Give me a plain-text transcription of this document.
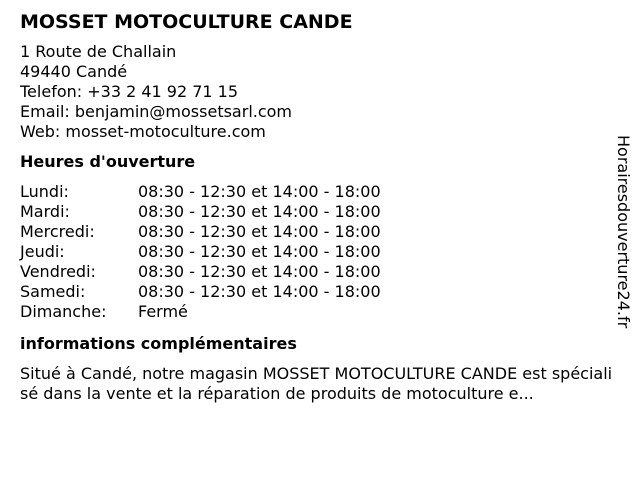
MOSSET MOTOCULTURE CANDE
1 Route de Challain
49440 Candé
Telefon: +33 2 41 92 71 15
Email: benjamin@mossetsarl.com
Web: mosset-motoculture.com
Heures d'ouverture
Lundi:	08:30 - 12:30 et 14:00 - 18:00
Mardi:	08:30 - 12:30 et 14:00 - 18:00
Mercredi:	08:30 - 12:30 et 14:00 - 18:00
Jeudi:	08:30 - 12:30 et 14:00 - 18:00
Vendredi:	08:30 - 12:30 et 14:00 - 18:00
Samedi:	08:30 - 12:30 et 14:00 - 18:00
Dimanche:	Fermé
informations complémentaires
Situé à Candé, notre magasin MOSSET MOTOCULTURE CANDE est spécialisé dans la vente et la réparation de produits de motoculture e...
Horairesdouverture24.fr
